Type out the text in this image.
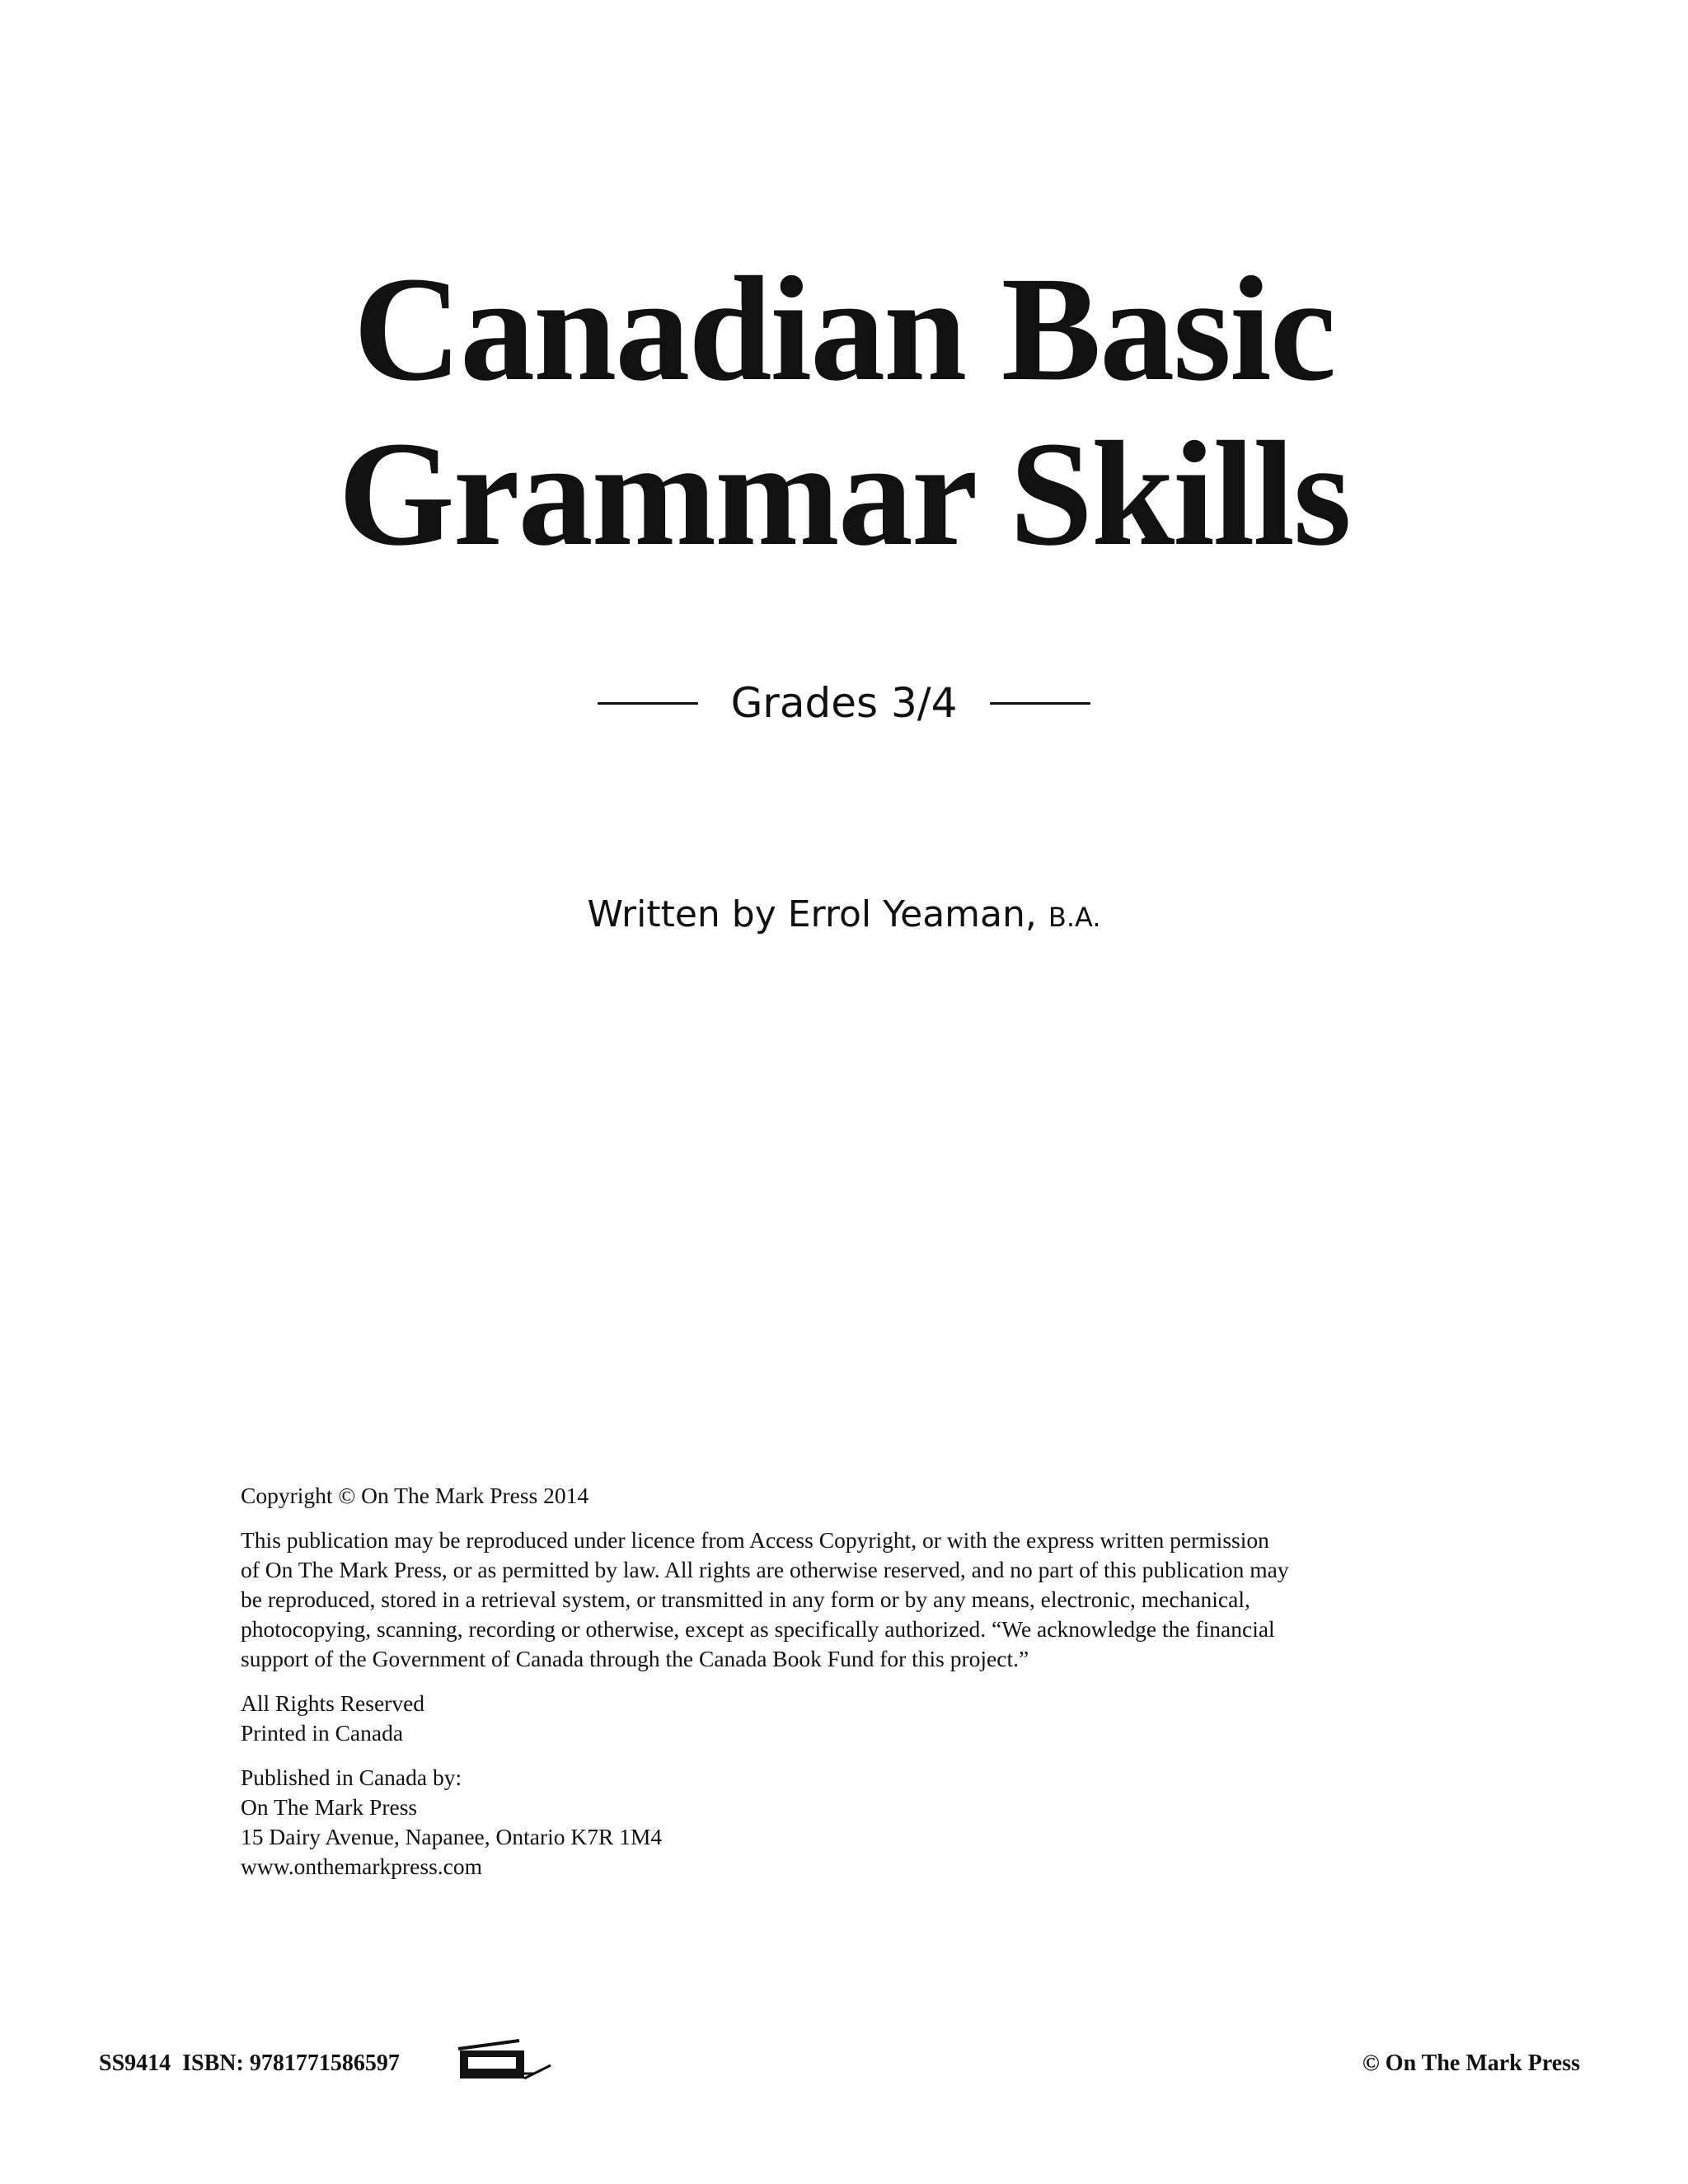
Canadian Basic
Grammar Skills
Grades 3/4
Written by Errol Yeaman, B.A.

Copyright © On The Mark Press 2014

This publication may be reproduced under licence from Access Copyright, or with the express written permission
of On The Mark Press, or as permitted by law. All rights are otherwise reserved, and no part of this publication may
be reproduced, stored in a retrieval system, or transmitted in any form or by any means, electronic, mechanical,
photocopying, scanning, recording or otherwise, except as specifically authorized. “We acknowledge the financial
support of the Government of Canada through the Canada Book Fund for this project.”

All Rights Reserved
Printed in Canada

Published in Canada by:
On The Mark Press
15 Dairy Avenue, Napanee, Ontario K7R 1M4
www.onthemarkpress.com

SS9414  ISBN: 9781771586597	© On The Mark Press
